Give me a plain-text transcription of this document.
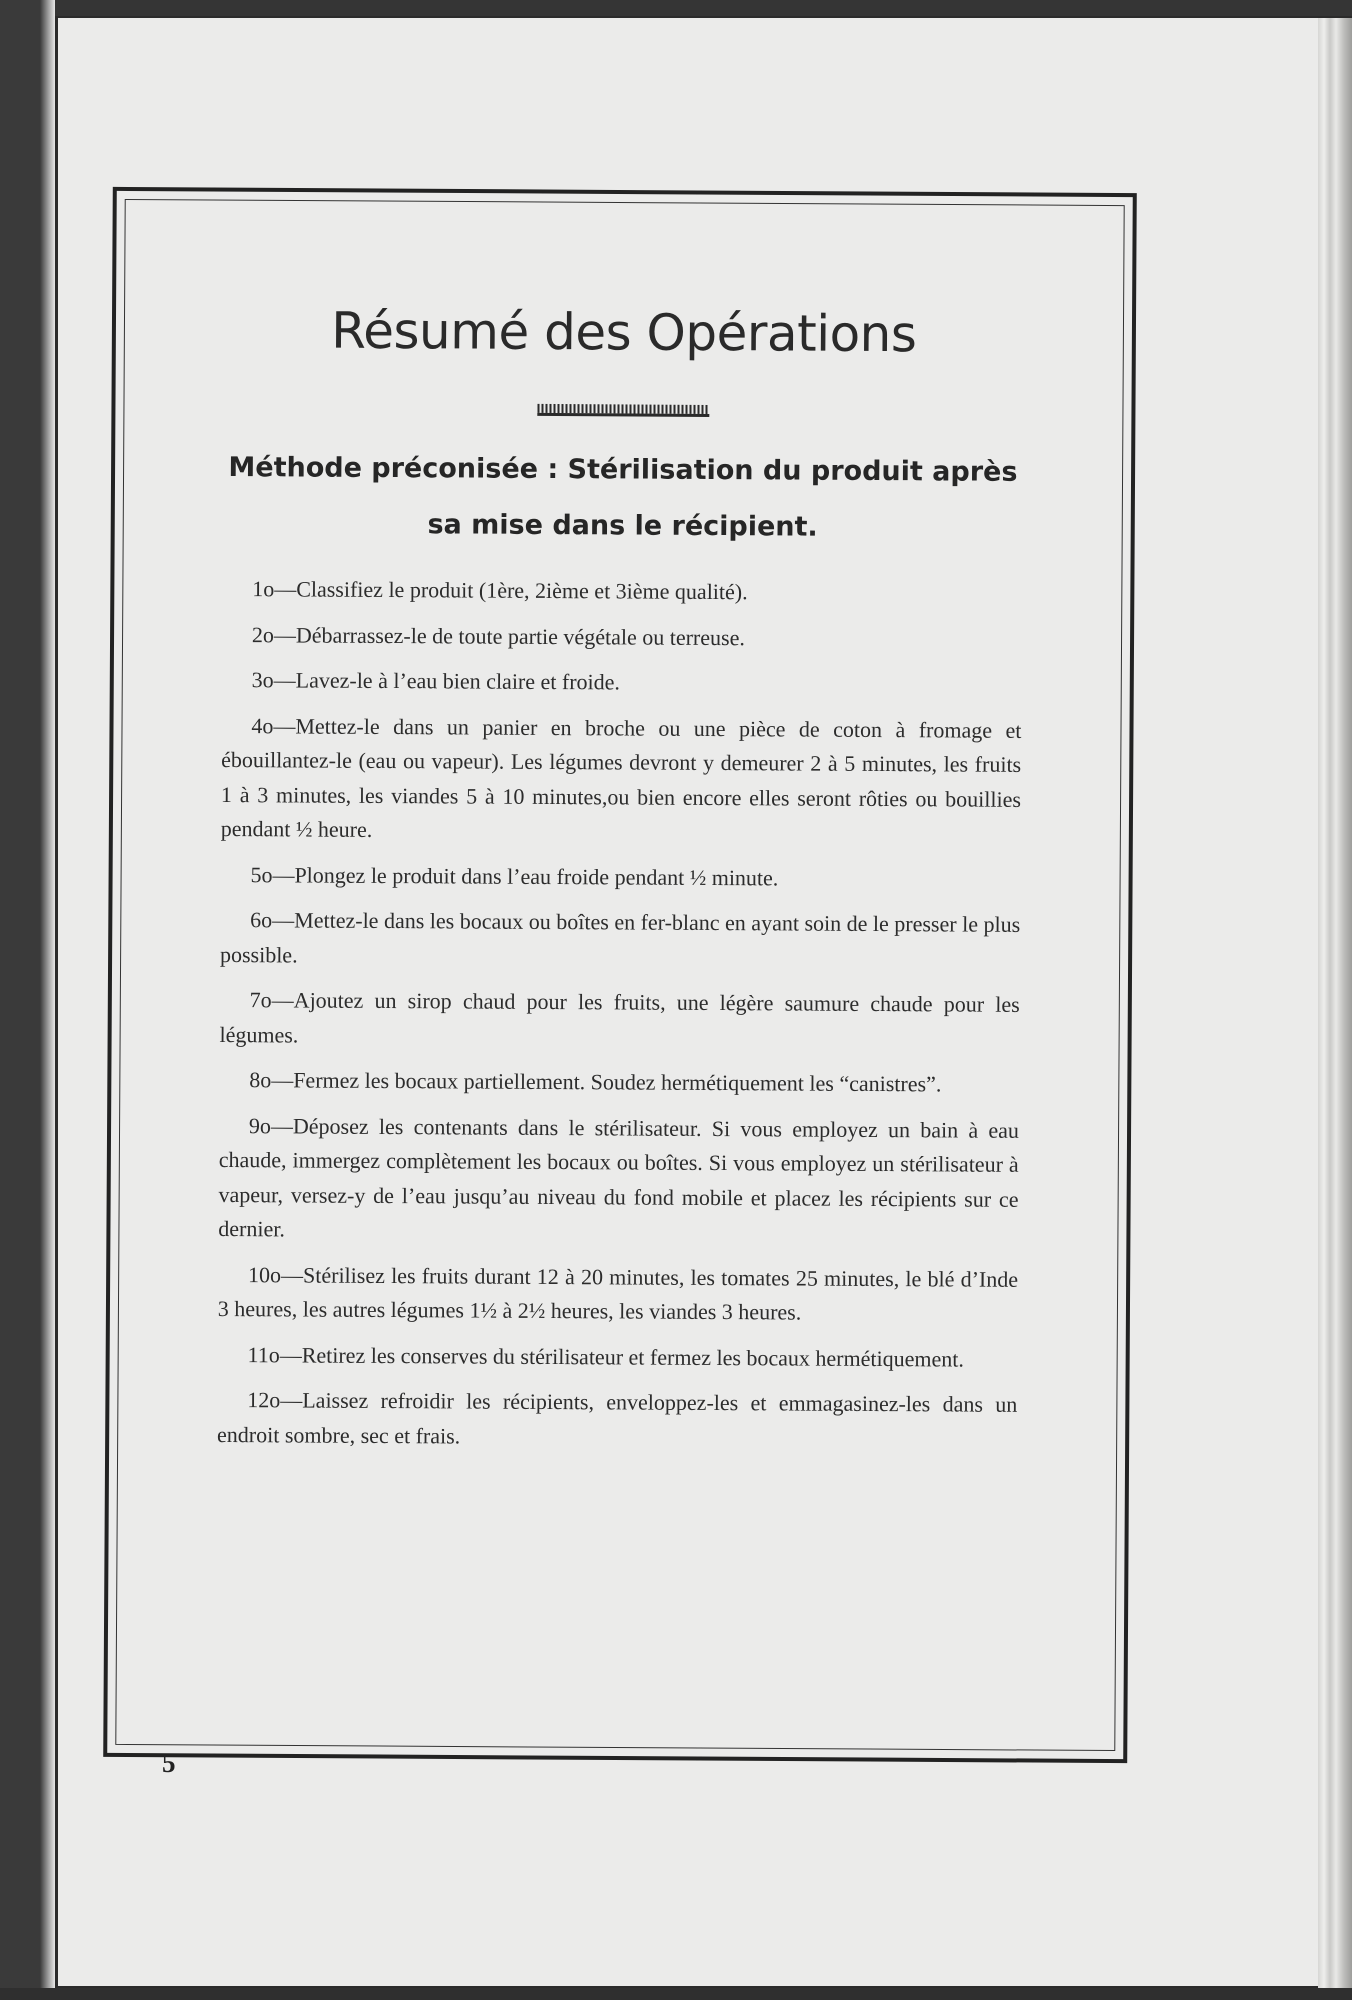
Résumé des Opérations
Méthode préconisée : Stérilisation du produit après
sa mise dans le récipient.
1o—Classifiez le produit (1ère, 2ième et 3ième qualité).
2o—Débarrassez-le de toute partie végétale ou terreuse.
3o—Lavez-le à l’eau bien claire et froide.
4o—Mettez-le dans un panier en broche ou une pièce de coton à fromage et ébouillantez-le (eau ou vapeur). Les légumes devront y demeurer 2 à 5 minutes, les fruits 1 à 3 minutes, les viandes 5 à 10 minutes,ou bien encore elles seront rôties ou bouillies pendant ½ heure.
5o—Plongez le produit dans l’eau froide pendant ½ minute.
6o—Mettez-le dans les bocaux ou boîtes en fer-blanc en ayant soin de le presser le plus possible.
7o—Ajoutez un sirop chaud pour les fruits, une légère saumure chaude pour les légumes.
8o—Fermez les bocaux partiellement. Soudez hermétiquement les “canistres”.
9o—Déposez les contenants dans le stérilisateur. Si vous employez un bain à eau chaude, immergez complètement les bocaux ou boîtes. Si vous employez un stérilisateur à vapeur, versez-y de l’eau jusqu’au niveau du fond mobile et placez les récipients sur ce dernier.
10o—Stérilisez les fruits durant 12 à 20 minutes, les tomates 25 minutes, le blé d’Inde 3 heures, les autres légumes 1½ à 2½ heures, les viandes 3 heures.
11o—Retirez les conserves du stérilisateur et fermez les bocaux hermétiquement.
12o—Laissez refroidir les récipients, enveloppez-les et emmagasinez-les dans un endroit sombre, sec et frais.
5
